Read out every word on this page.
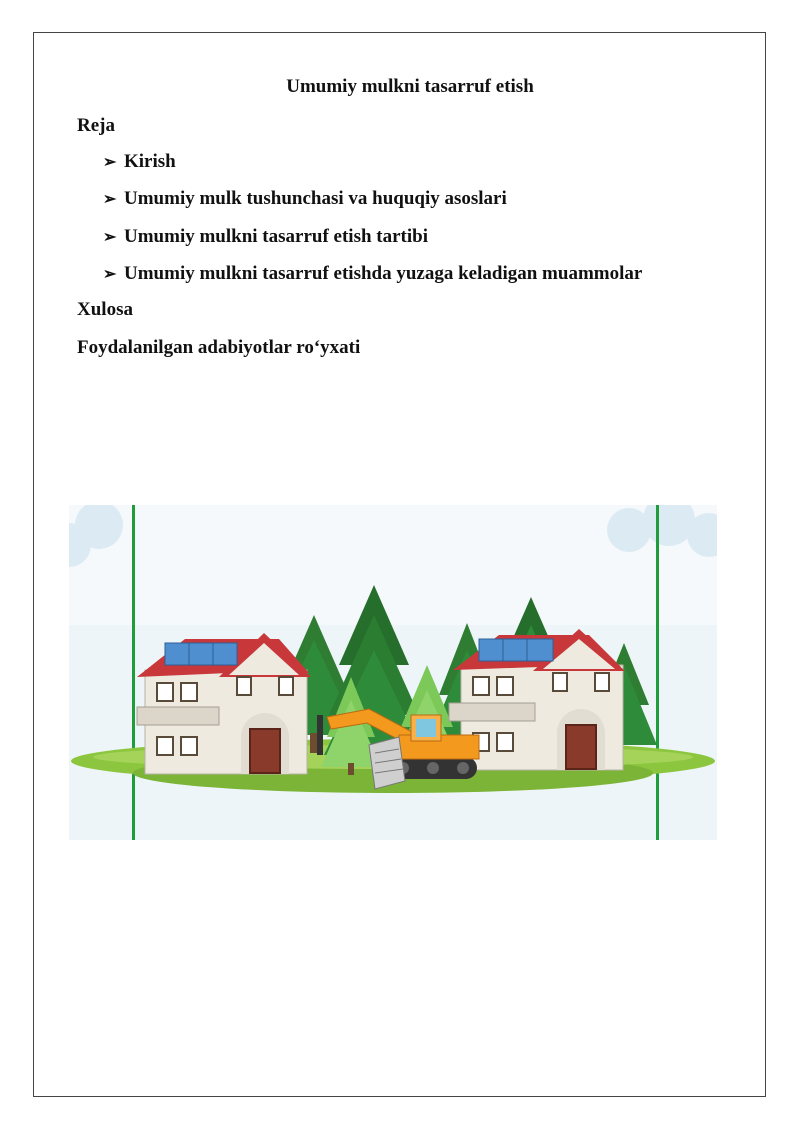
Umumiy mulkni tasarruf etish
Reja
➢ Kirish
➢ Umumiy mulk tushunchasi va huquqiy asoslari
➢ Umumiy mulkni tasarruf etish tartibi
➢ Umumiy mulkni tasarruf etishda yuzaga keladigan muammolar
Xulosa
Foydalanilgan adabiyotlar ro‘yxati
